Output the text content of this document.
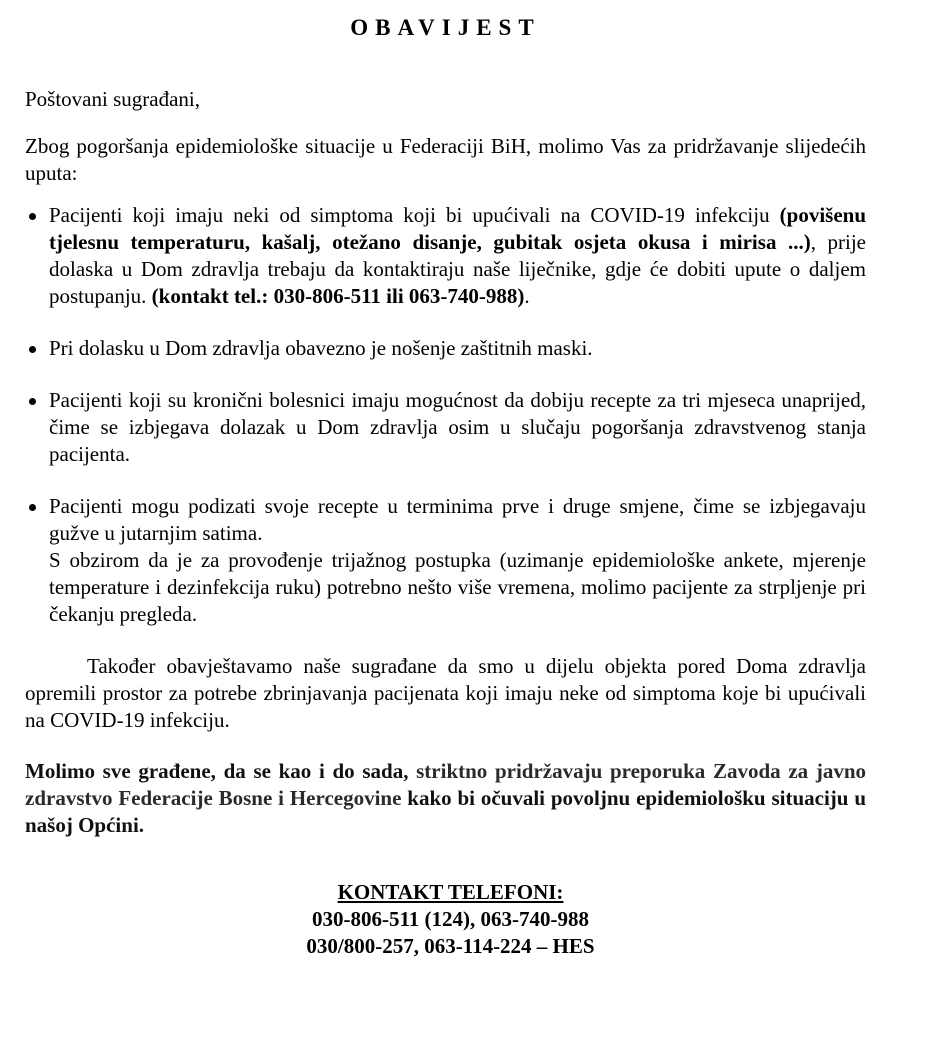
OBAVIJEST

Poštovani sugrađani,

Zbog pogoršanja epidemiološke situacije u Federaciji BiH, molimo Vas za pridržavanje slijedećih uputa:

Pacijenti koji imaju neki od simptoma koji bi upućivali na COVID-19 infekciju (povišenu tjelesnu temperaturu, kašalj, otežano disanje, gubitak osjeta okusa i mirisa ...), prije dolaska u Dom zdravlja trebaju da kontaktiraju naše liječnike, gdje će dobiti upute o daljem postupanju. (kontakt tel.: 030-806-511 ili 063-740-988).
Pri dolasku u Dom zdravlja obavezno je nošenje zaštitnih maski.
Pacijenti koji su kronični bolesnici imaju mogućnost da dobiju recepte za tri mjeseca unaprijed, čime se izbjegava dolazak u Dom zdravlja osim u slučaju pogoršanja zdravstvenog stanja pacijenta.
Pacijenti mogu podizati svoje recepte u terminima prve i druge smjene, čime se izbjegavaju gužve u jutarnjim satima.
S obzirom da je za provođenje trijažnog postupka (uzimanje epidemiološke ankete, mjerenje temperature i dezinfekcija ruku) potrebno nešto više vremena, molimo pacijente za strpljenje pri čekanju pregleda.

Također obavještavamo naše sugrađane da smo u dijelu objekta pored Doma zdravlja opremili prostor za potrebe zbrinjavanja pacijenata koji imaju neke od simptoma koje bi upućivali na COVID-19 infekciju.

Molimo sve građene, da se kao i do sada, striktno pridržavaju preporuka Zavoda za javno zdravstvo Federacije Bosne i Hercegovine kako bi očuvali povoljnu epidemiološku situaciju u našoj Općini.

KONTAKT TELEFONI:
030-806-511 (124), 063-740-988
030/800-257, 063-114-224 – HES
